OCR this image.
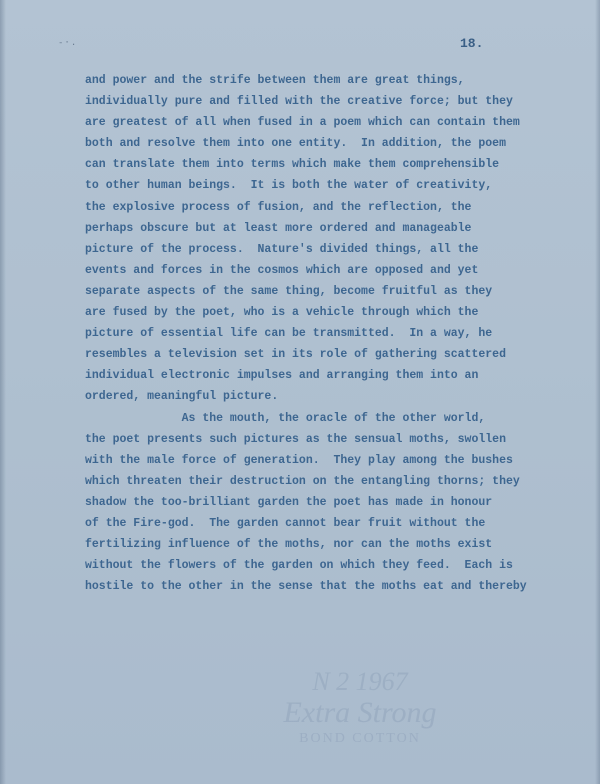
-·.	18.
and power and the strife between them are great things,
individually pure and filled with the creative force; but they
are greatest of all when fused in a poem which can contain them
both and resolve them into one entity.  In addition, the poem
can translate them into terms which make them comprehensible
to other human beings.  It is both the water of creativity,
the explosive process of fusion, and the reflection, the
perhaps obscure but at least more ordered and manageable
picture of the process.  Nature's divided things, all the
events and forces in the cosmos which are opposed and yet
separate aspects of the same thing, become fruitful as they
are fused by the poet, who is a vehicle through which the
picture of essential life can be transmitted.  In a way, he
resembles a television set in its role of gathering scattered
individual electronic impulses and arranging them into an
ordered, meaningful picture.
As the mouth, the oracle of the other world,
the poet presents such pictures as the sensual moths, swollen
with the male force of generation.  They play among the bushes
which threaten their destruction on the entangling thorns; they
shadow the too-brilliant garden the poet has made in honour
of the Fire-god.  The garden cannot bear fruit without the
fertilizing influence of the moths, nor can the moths exist
without the flowers of the garden on which they feed.  Each is
hostile to the other in the sense that the moths eat and thereby
N 2 1967
Extra Strong
BOND COTTON
